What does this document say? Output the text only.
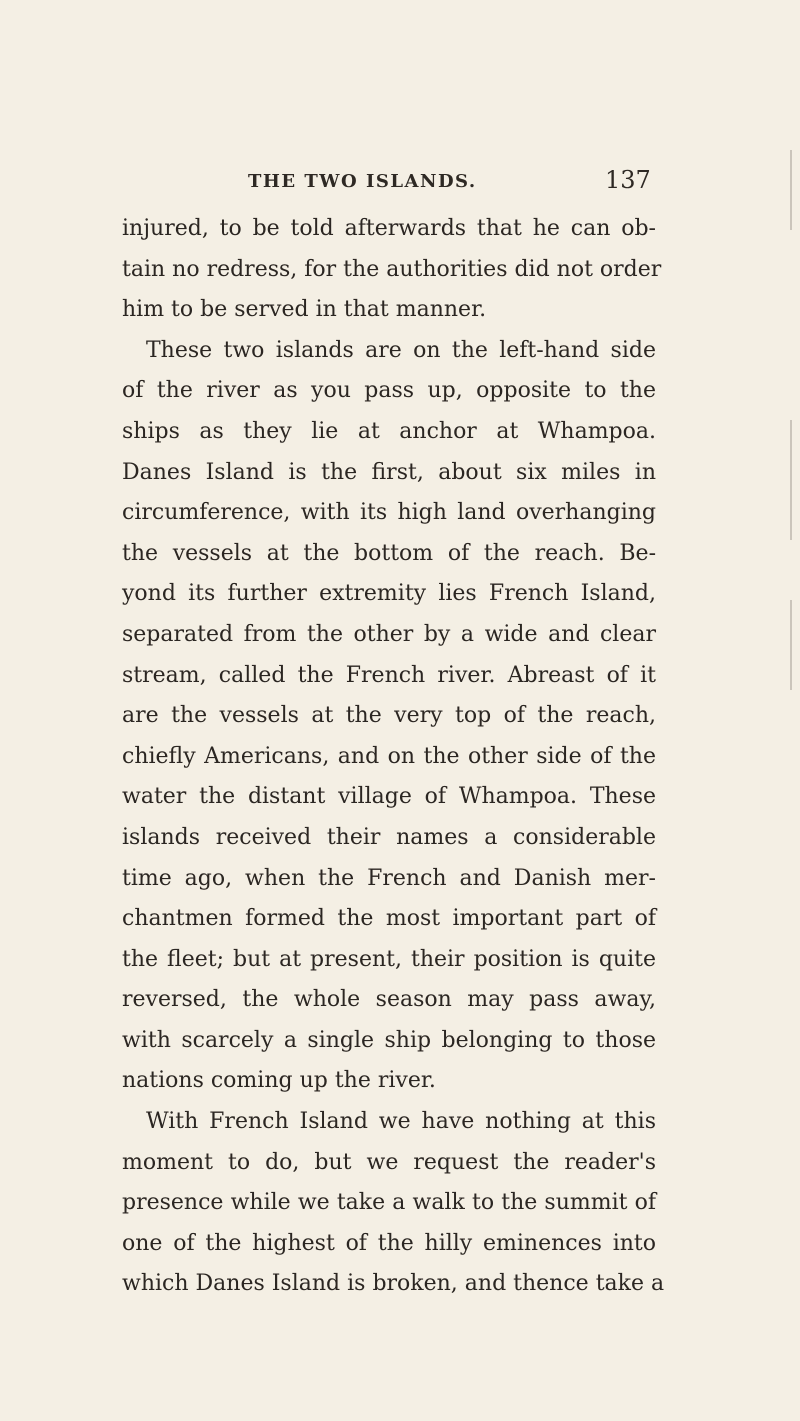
THE TWO ISLANDS.	137
injured, to be told afterwards that he can ob-
tain no redress, for the authorities did not order
him to be served in that manner.
These two islands are on the left-hand side
of the river as you pass up, opposite to the
ships as they lie at anchor at Whampoa.
Danes Island is the first, about six miles in
circumference, with its high land overhanging
the vessels at the bottom of the reach. Be-
yond its further extremity lies French Island,
separated from the other by a wide and clear
stream, called the French river. Abreast of it
are the vessels at the very top of the reach,
chiefly Americans, and on the other side of the
water the distant village of Whampoa. These
islands received their names a considerable
time ago, when the French and Danish mer-
chantmen formed the most important part of
the fleet; but at present, their position is quite
reversed, the whole season may pass away,
with scarcely a single ship belonging to those
nations coming up the river.
With French Island we have nothing at this
moment to do, but we request the reader's
presence while we take a walk to the summit of
one of the highest of the hilly eminences into
which Danes Island is broken, and thence take a
